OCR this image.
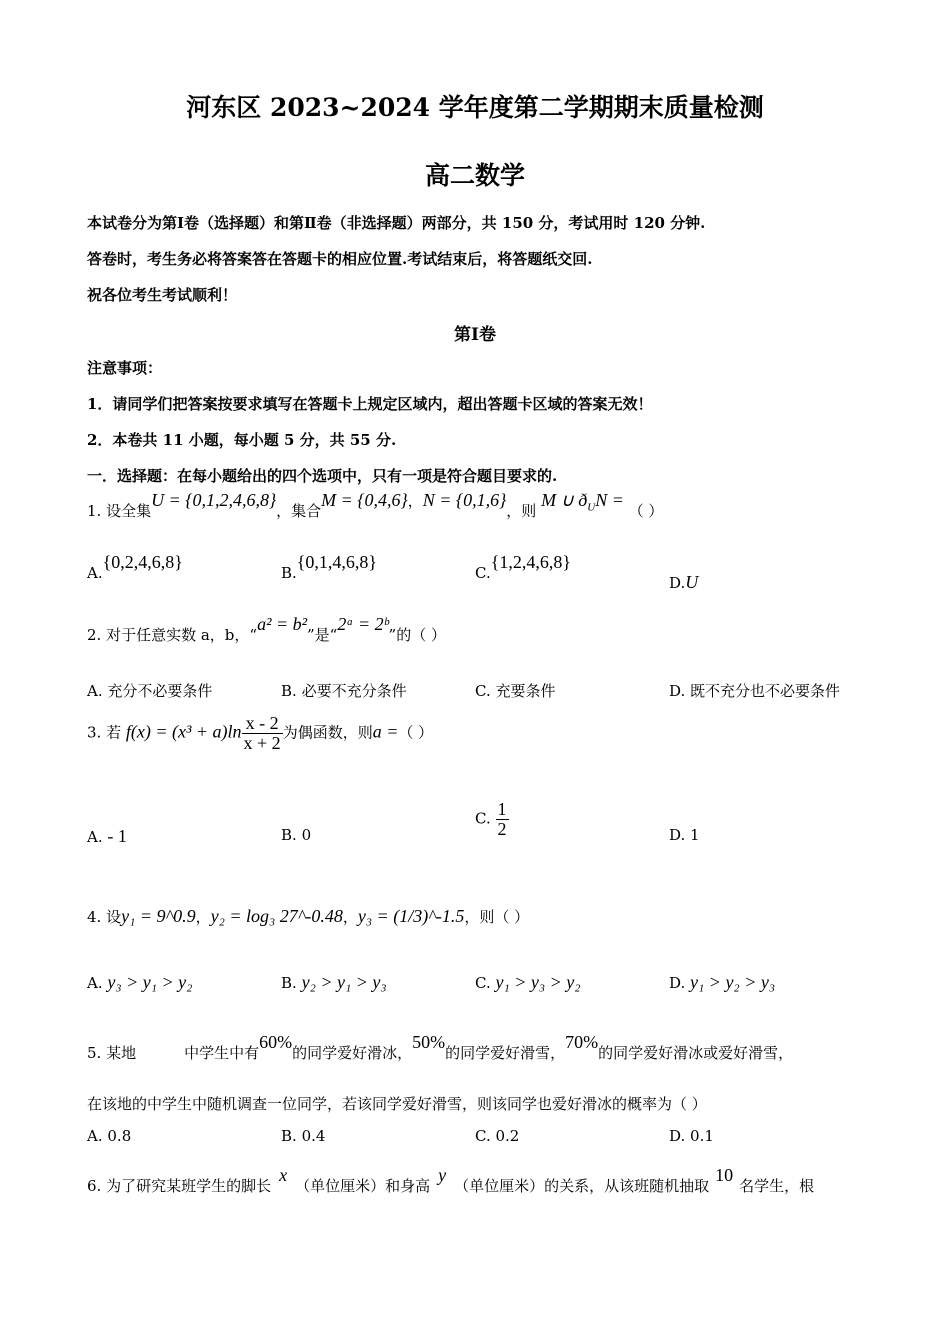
河东区 2023~2024 学年度第二学期期末质量检测
高二数学
本试卷分为第Ⅰ卷（选择题）和第Ⅱ卷（非选择题）两部分，共 150 分，考试用时 120 分钟.
答卷时，考生务必将答案答在答题卡的相应位置.考试结束后，将答题纸交回.
祝各位考生考试顺利！
第Ⅰ卷
注意事项：
1．请同学们把答案按要求填写在答题卡上规定区域内，超出答题卡区域的答案无效！
2．本卷共 11 小题，每小题 5 分，共 55 分.
一．选择题：在每小题给出的四个选项中，只有一项是符合题目要求的.
1. 设全集U = {0,1,2,4,6,8}，集合M = {0,4,6}，N = {0,1,6}，则 M ∪ $ð_UN$ = （ ）
A.{0,2,4,6,8}
B.{0,1,4,6,8}
C.{1,2,4,6,8}
D.U
2. 对于任意实数 a，b，“a² = b²”是“2ᵃ = 2ᵇ”的（ ）
A. 充分不必要条件	B. 必要不充分条件	C. 充要条件	D. 既不充分也不必要条件
3. 若 $f(x) = (x^3 + a)\ln \frac{x - 2}{x + 2}$ 为偶函数，则a =（ ）
A. - 1	B. 0
C. $\frac{1}{2}$	D. 1
4. 设y₁ = 9^0.9，y₂ = log₃ 27^-0.48，y₃ = (1/3)^-1.5，则（ ）
A. y₃ > y₁ > y₂	B. y₂ > y₁ > y₃	C. y₁ > y₃ > y₂	D. y₁ > y₂ > y₃
5. 某地	中学生中有60%的同学爱好滑冰，50%的同学爱好滑雪，70%的同学爱好滑冰或爱好滑雪，
在该地的中学生中随机调查一位同学，若该同学爱好滑雪，则该同学也爱好滑冰的概率为（ ）
A. 0.8	B. 0.4	C. 0.2	D. 0.1
6. 为了研究某班学生的脚长x（单位厘米）和身高y（单位厘米）的关系，从该班随机抽取10名学生，根
